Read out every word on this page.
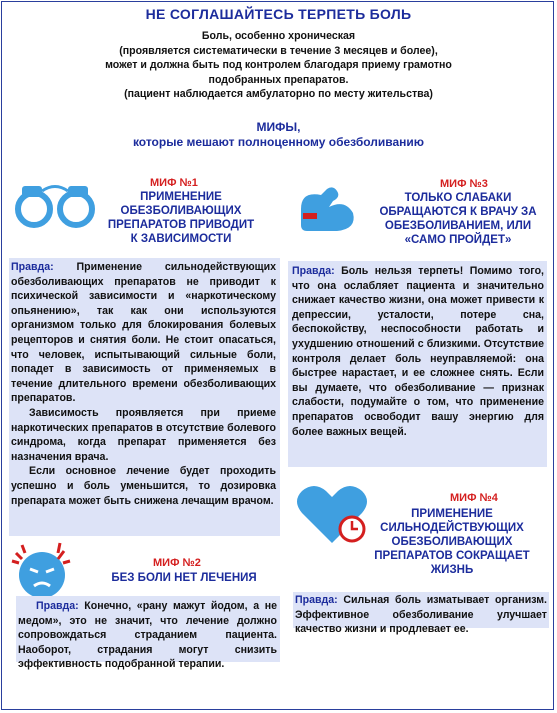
НЕ СОГЛАШАЙТЕСЬ ТЕРПЕТЬ БОЛЬ
Боль, особенно хроническая
(проявляется систематически в течение 3 месяцев и более),
может и должна быть под контролем благодаря приему грамотно
подобранных препаратов.
(пациент наблюдается амбулаторно по месту жительства)
МИФЫ,
которые мешают полноценному обезболиванию
МИФ №1
ПРИМЕНЕНИЕ ОБЕЗБОЛИВАЮЩИХ ПРЕПАРАТОВ ПРИВОДИТ К ЗАВИСИМОСТИ

Правда: Применение сильнодействующих обезболивающих препаратов не приводит к психической зависимости и «наркотическому опьянению», так как они используются организмом только для блокирования болевых рецепторов и снятия боли. Не стоит опасаться, что человек, испытывающий сильные боли, попадет в зависимость от применяемых в течение длительного времени обезболивающих препаратов.

Зависимость проявляется при приеме наркотических препаратов в отсутствие болевого синдрома, когда препарат применяется без назначения врача.

Если основное лечение будет проходить успешно и боль уменьшится, то дозировка препарата может быть снижена лечащим врачом.

МИФ №3
ТОЛЬКО СЛАБАКИ ОБРАЩАЮТСЯ К ВРАЧУ ЗА ОБЕЗБОЛИВАНИЕМ, ИЛИ «САМО ПРОЙДЕТ»

Правда: Боль нельзя терпеть! Помимо того, что она ослабляет пациента и значительно снижает качество жизни, она может привести к депрессии, усталости, потере сна, беспокойству, неспособности работать и ухудшению отношений с близкими. Отсутствие контроля делает боль неуправляемой: она быстрее нарастает, и ее сложнее снять. Если вы думаете, что обезболивание — признак слабости, подумайте о том, что применение препаратов освободит вашу энергию для более важных вещей.

МИФ №2
БЕЗ БОЛИ НЕТ ЛЕЧЕНИЯ

Правда: Конечно, «рану мажут йодом, а не медом», это не значит, что лечение должно сопровождаться страданием пациента. Наоборот, страдания могут снизить эффективность подобранной терапии.

МИФ №4
ПРИМЕНЕНИЕ СИЛЬНОДЕЙСТВУЮЩИХ ОБЕЗБОЛИВАЮЩИХ ПРЕПАРАТОВ СОКРАЩАЕТ ЖИЗНЬ

Правда: Сильная боль изматывает организм. Эффективное обезболивание улучшает качество жизни и продлевает ее.
